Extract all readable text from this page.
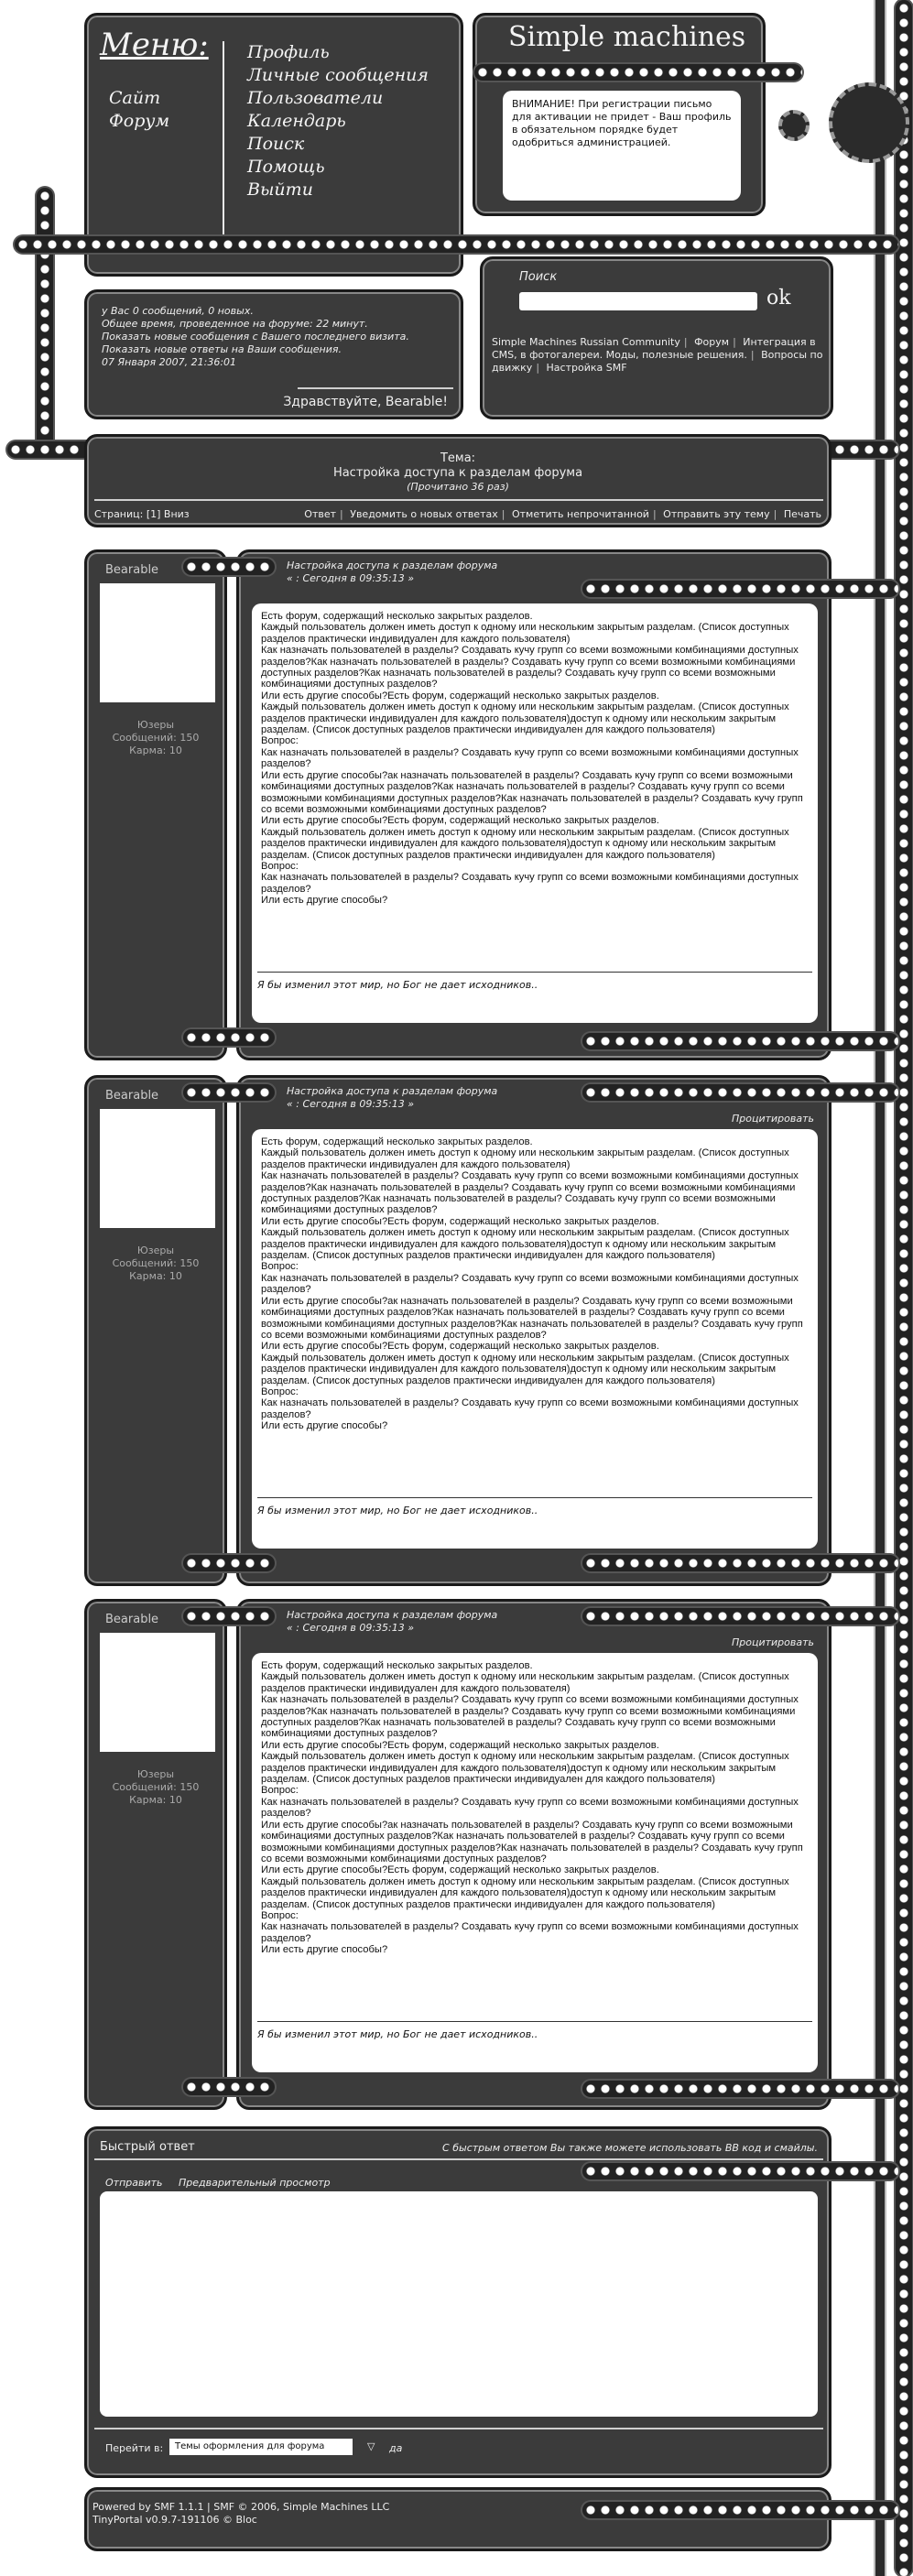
Меню:
Сайт
Форум
Профиль
Личные сообщения
Пользователи
Календарь
Поиск
Помощь
Выйти
Simple machines
ВНИМАНИЕ! При регистрации письмо для активации не придет - Ваш профиль в обязательном порядке будет одобриться администрацией.
у Вас 0 сообщений, 0 новых.
Общее время, проведенное на форуме: 22 минут.
Показать новые сообщения с Вашего последнего визита.
Показать новые ответы на Ваши сообщения.
07 Января 2007, 21:36:01
Здравствуйте, Bearable!
Поиск
ok
Simple Machines Russian Community | Форум | Интеграция в CMS, в фотогалереи. Моды, полезные решения. | Вопросы по движку | Настройка SMF
Тема:
Настройка доступа к разделам форума
(Прочитано 36 раз)
Страниц: [1] Вниз	Ответ | Уведомить о новых ответах | Отметить непрочитанной | Отправить эту тему | Печать
Bearable
Юзеры
Сообщений: 150
Карма: 10
Настройка доступа к разделам форума
« : Сегодня в 09:35:13 »
Есть форум, содержащий несколько закрытых разделов.
Каждый пользователь должен иметь доступ к одному или нескольким закрытым разделам. (Список доступных разделов практически индивидуален для каждого пользователя)
Как назначать пользователей в разделы? Создавать кучу групп со всеми возможными комбинациями доступных разделов?Как назначать пользователей в разделы? Создавать кучу групп со всеми возможными комбинациями доступных разделов?Как назначать пользователей в разделы? Создавать кучу групп со всеми возможными комбинациями доступных разделов?
Или есть другие способы?Есть форум, содержащий несколько закрытых разделов.
Каждый пользователь должен иметь доступ к одному или нескольким закрытым разделам. (Список доступных разделов практически индивидуален для каждого пользователя)доступ к одному или нескольким закрытым разделам. (Список доступных разделов практически индивидуален для каждого пользователя)
Вопрос:
Как назначать пользователей в разделы? Создавать кучу групп со всеми возможными комбинациями доступных разделов?
Или есть другие способы?ак назначать пользователей в разделы? Создавать кучу групп со всеми возможными комбинациями доступных разделов?Как назначать пользователей в разделы? Создавать кучу групп со всеми возможными комбинациями доступных разделов?Как назначать пользователей в разделы? Создавать кучу групп со всеми возможными комбинациями доступных разделов?
Или есть другие способы?Есть форум, содержащий несколько закрытых разделов.
Каждый пользователь должен иметь доступ к одному или нескольким закрытым разделам. (Список доступных разделов практически индивидуален для каждого пользователя)доступ к одному или нескольким закрытым разделам. (Список доступных разделов практически индивидуален для каждого пользователя)
Вопрос:
Как назначать пользователей в разделы? Создавать кучу групп со всеми возможными комбинациями доступных разделов?
Или есть другие способы?
Я бы изменил этот мир, но Бог не дает исходников..

Bearable
Юзеры
Сообщений: 150
Карма: 10
Настройка доступа к разделам форума
« : Сегодня в 09:35:13 »
Процитировать
Есть форум, содержащий несколько закрытых разделов.
Каждый пользователь должен иметь доступ к одному или нескольким закрытым разделам. (Список доступных разделов практически индивидуален для каждого пользователя)
Как назначать пользователей в разделы? Создавать кучу групп со всеми возможными комбинациями доступных разделов?Как назначать пользователей в разделы? Создавать кучу групп со всеми возможными комбинациями доступных разделов?Как назначать пользователей в разделы? Создавать кучу групп со всеми возможными комбинациями доступных разделов?
Или есть другие способы?Есть форум, содержащий несколько закрытых разделов.
Каждый пользователь должен иметь доступ к одному или нескольким закрытым разделам. (Список доступных разделов практически индивидуален для каждого пользователя)доступ к одному или нескольким закрытым разделам. (Список доступных разделов практически индивидуален для каждого пользователя)
Вопрос:
Как назначать пользователей в разделы? Создавать кучу групп со всеми возможными комбинациями доступных разделов?
Или есть другие способы?ак назначать пользователей в разделы? Создавать кучу групп со всеми возможными комбинациями доступных разделов?Как назначать пользователей в разделы? Создавать кучу групп со всеми возможными комбинациями доступных разделов?Как назначать пользователей в разделы? Создавать кучу групп со всеми возможными комбинациями доступных разделов?
Или есть другие способы?Есть форум, содержащий несколько закрытых разделов.
Каждый пользователь должен иметь доступ к одному или нескольким закрытым разделам. (Список доступных разделов практически индивидуален для каждого пользователя)доступ к одному или нескольким закрытым разделам. (Список доступных разделов практически индивидуален для каждого пользователя)
Вопрос:
Как назначать пользователей в разделы? Создавать кучу групп со всеми возможными комбинациями доступных разделов?
Или есть другие способы?
Я бы изменил этот мир, но Бог не дает исходников..

Bearable
Юзеры
Сообщений: 150
Карма: 10
Настройка доступа к разделам форума
« : Сегодня в 09:35:13 »
Процитировать
Есть форум, содержащий несколько закрытых разделов.
Каждый пользователь должен иметь доступ к одному или нескольким закрытым разделам. (Список доступных разделов практически индивидуален для каждого пользователя)
Как назначать пользователей в разделы? Создавать кучу групп со всеми возможными комбинациями доступных разделов?Как назначать пользователей в разделы? Создавать кучу групп со всеми возможными комбинациями доступных разделов?Как назначать пользователей в разделы? Создавать кучу групп со всеми возможными комбинациями доступных разделов?
Или есть другие способы?Есть форум, содержащий несколько закрытых разделов.
Каждый пользователь должен иметь доступ к одному или нескольким закрытым разделам. (Список доступных разделов практически индивидуален для каждого пользователя)доступ к одному или нескольким закрытым разделам. (Список доступных разделов практически индивидуален для каждого пользователя)
Вопрос:
Как назначать пользователей в разделы? Создавать кучу групп со всеми возможными комбинациями доступных разделов?
Или есть другие способы?ак назначать пользователей в разделы? Создавать кучу групп со всеми возможными комбинациями доступных разделов?Как назначать пользователей в разделы? Создавать кучу групп со всеми возможными комбинациями доступных разделов?Как назначать пользователей в разделы? Создавать кучу групп со всеми возможными комбинациями доступных разделов?
Или есть другие способы?Есть форум, содержащий несколько закрытых разделов.
Каждый пользователь должен иметь доступ к одному или нескольким закрытым разделам. (Список доступных разделов практически индивидуален для каждого пользователя)доступ к одному или нескольким закрытым разделам. (Список доступных разделов практически индивидуален для каждого пользователя)
Вопрос:
Как назначать пользователей в разделы? Создавать кучу групп со всеми возможными комбинациями доступных разделов?
Или есть другие способы?
Я бы изменил этот мир, но Бог не дает исходников..

Быстрый ответ	С быстрым ответом Вы также можете использовать BB код и смайлы.
Отправить Предварительный просмотр
Перейти в:	Темы оформления для форума	▽ да
Powered by SMF 1.1.1 | SMF © 2006, Simple Machines LLC
TinyPortal v0.9.7-191106 © Bloc
